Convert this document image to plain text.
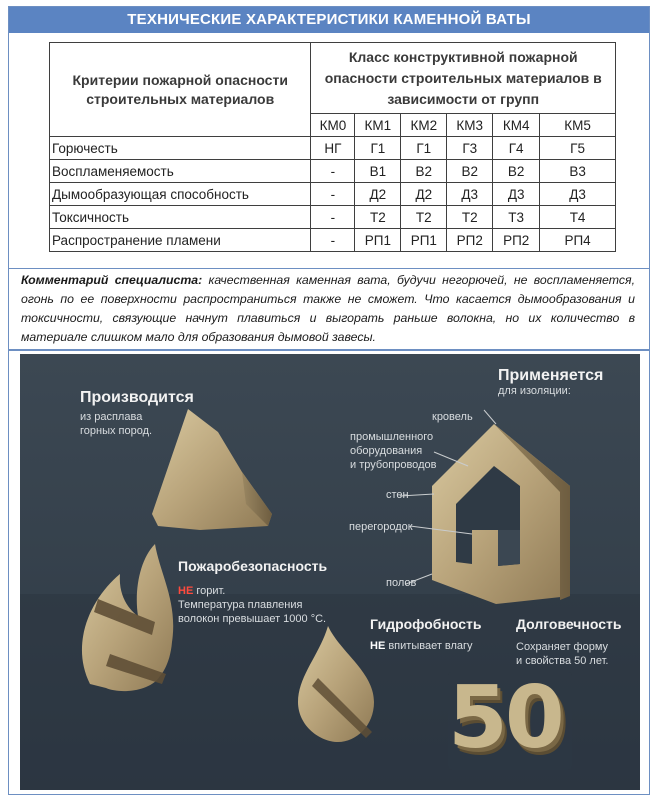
ТЕХНИЧЕСКИЕ ХАРАКТЕРИСТИКИ КАМЕННОЙ ВАТЫ
Критерии пожарной опасности строительных материалов	Класс конструктивной пожарной опасности строительных материалов в зависимости от групп					
	КМ0	КМ1	КМ2	КМ3	КМ4	КМ5
Горючесть	НГ	Г1	Г1	Г3	Г4	Г5
Воспламеняемость	-	В1	В2	В2	В2	В3
Дымообразующая способность	-	Д2	Д2	Д3	Д3	Д3
Токсичность	-	Т2	Т2	Т2	Т3	Т4
Распространение пламени	-	РП1	РП1	РП2	РП2	РП4
Комментарий специалиста: качественная каменная вата, будучи негорючей, не воспламеняется, огонь по ее поверхности распространиться также не сможет. Что касается дымообразования и токсичности, связующие начнут плавиться и выгорать раньше волокна, но их количество в материале слишком мало для образования дымовой завесы.
Производится
из расплава
горных пород.
Применяется
для изоляции:
кровель
промышленного
оборудования
и трубопроводов
стен
перегородок
полов
Пожаробезопасность
НЕ горит.
Температура плавления
волокон превышает 1000 °С.	Гидрофобность
НЕ впитывает влагу
Долговечность
Сохраняет форму
и свойства 50 лет.
50
